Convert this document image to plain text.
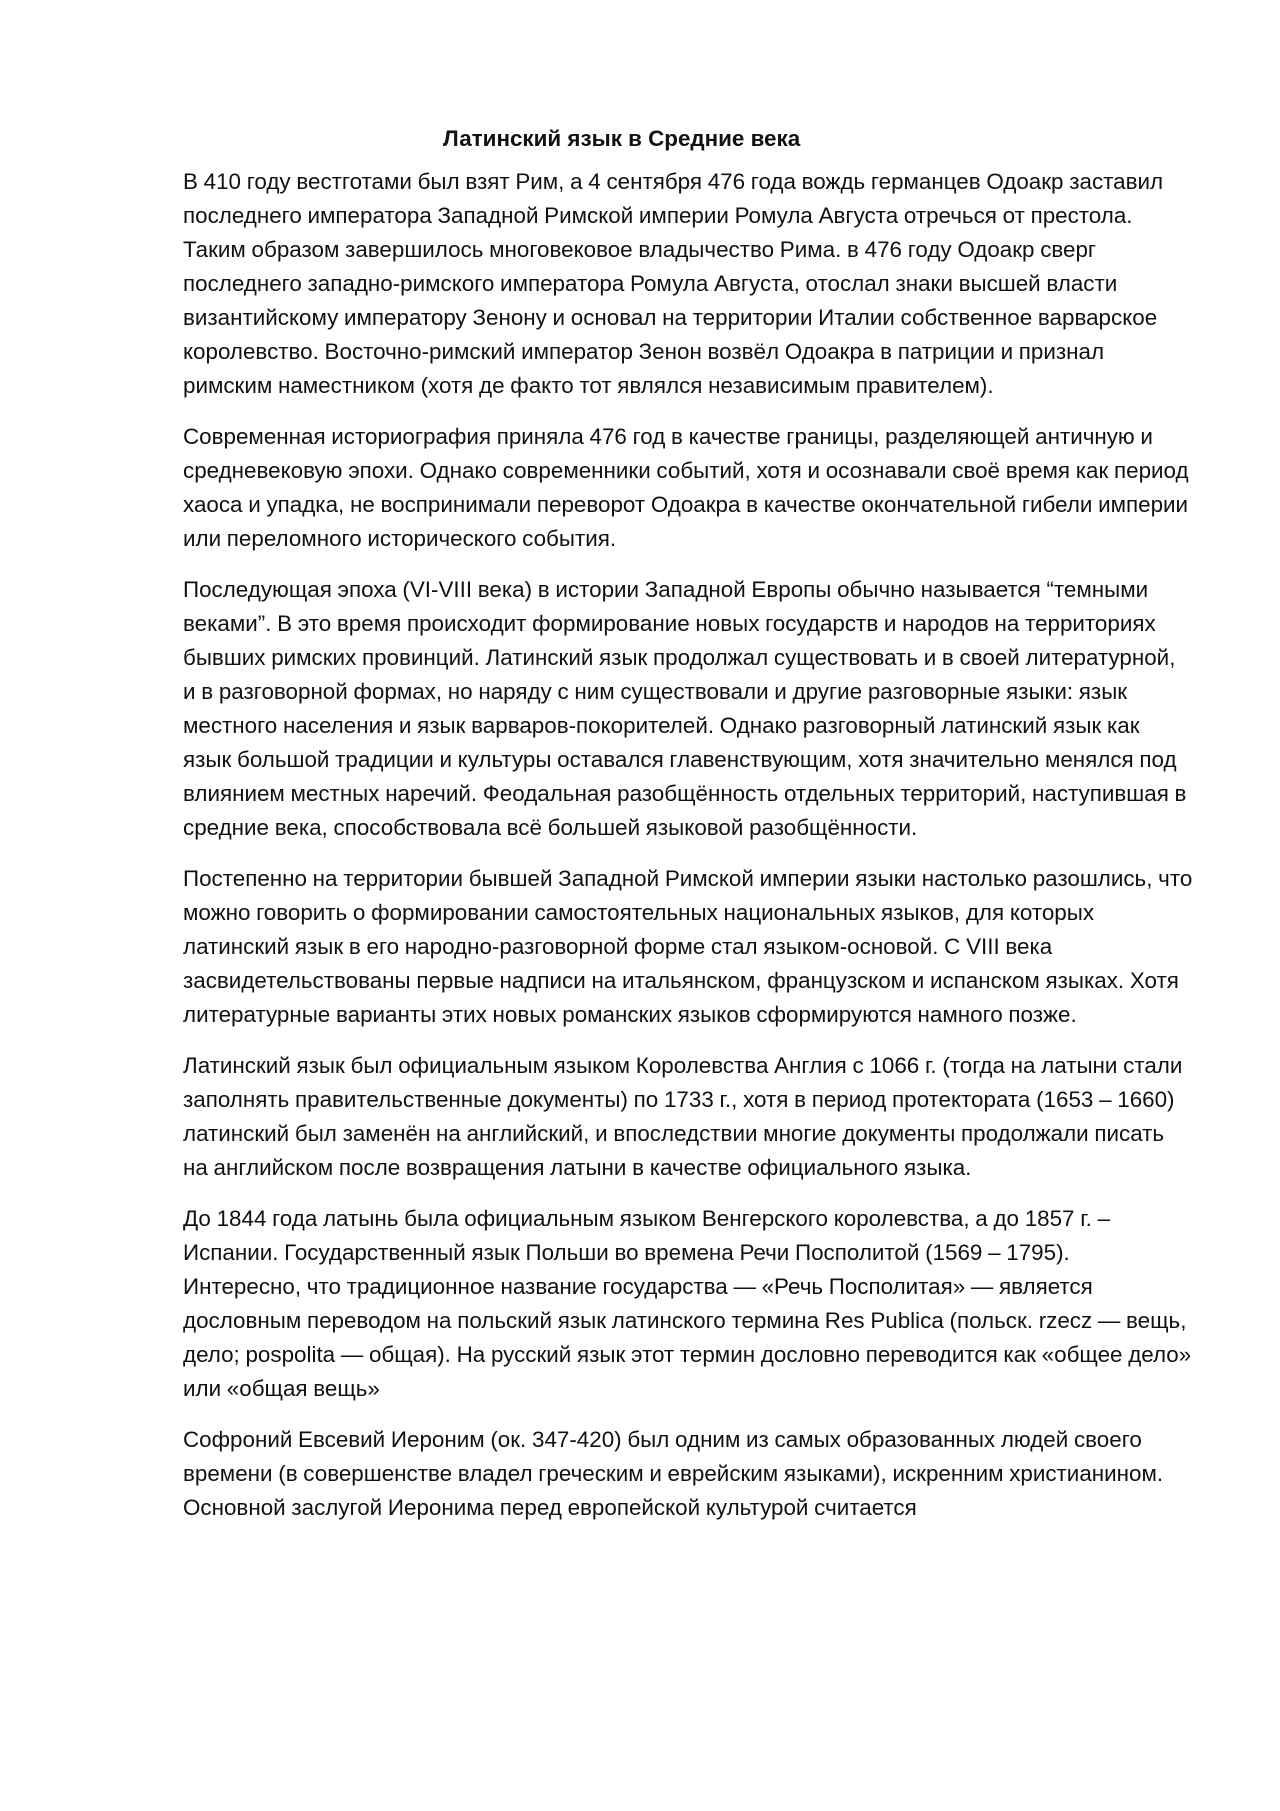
Латинский язык в Средние века

В 410 году вестготами был взят Рим, а 4 сентября 476 года вождь германцев Одоакр заставил последнего императора Западной Римской империи Ромула Августа отречься от престола. Таким образом завершилось многовековое владычество Рима. в 476 году Одоакр сверг последнего западно-римского императора Ромула Августа, отослал знаки высшей власти византийскому императору Зенону и основал на территории Италии собственное варварское королевство. Восточно-римский император Зенон возвёл Одоакра в патриции и признал римским наместником (хотя де факто тот являлся независимым правителем).

Современная историография приняла 476 год в качестве границы, разделяющей античную и средневековую эпохи. Однако современники событий, хотя и осознавали своё время как период хаоса и упадка, не воспринимали переворот Одоакра в качестве окончательной гибели империи или переломного исторического события.

Последующая эпоха (VI-VIII века) в истории Западной Европы обычно называется “темными веками”. В это время происходит формирование новых государств и народов на территориях бывших римских провинций. Латинский язык продолжал существовать и в своей литературной, и в разговорной формах, но наряду с ним существовали и другие разговорные языки: язык местного населения и язык варваров-покорителей. Однако разговорный латинский язык как язык большой традиции и культуры оставался главенствующим, хотя значительно менялся под влиянием местных наречий. Феодальная разобщённость отдельных территорий, наступившая в средние века, способствовала всё большей языковой разобщённости.

Постепенно на территории бывшей Западной Римской империи языки настолько разошлись, что можно говорить о формировании самостоятельных национальных языков, для которых латинский язык в его народно-разговорной форме стал языком-основой. С VIII века засвидетельствованы первые надписи на итальянском, французском и испанском языках. Хотя литературные варианты этих новых романских языков сформируются намного позже.

Латинский язык был официальным языком Королевства Англия с 1066 г. (тогда на латыни стали заполнять правительственные документы) по 1733 г., хотя в период протектората (1653 – 1660) латинский был заменён на английский, и впоследствии многие документы продолжали писать на английском после возвращения латыни в качестве официального языка.

До 1844 года латынь была официальным языком Венгерского королевства, а до 1857 г. – Испании. Государственный язык Польши во времена Речи Посполитой (1569 – 1795). Интересно, что традиционное название государства — «Речь Посполитая» — является дословным переводом на польский язык латинского термина Res Publica (польск. rzecz — вещь, дело; pospolita — общая). На русский язык этот термин дословно переводится как «общее дело» или «общая вещь»

Софроний Евсевий Иероним (ок. 347-420) был одним из самых образованных людей своего времени (в совершенстве владел греческим и еврейским языками), искренним христианином. Основной заслугой Иеронима перед европейской культурой считается
